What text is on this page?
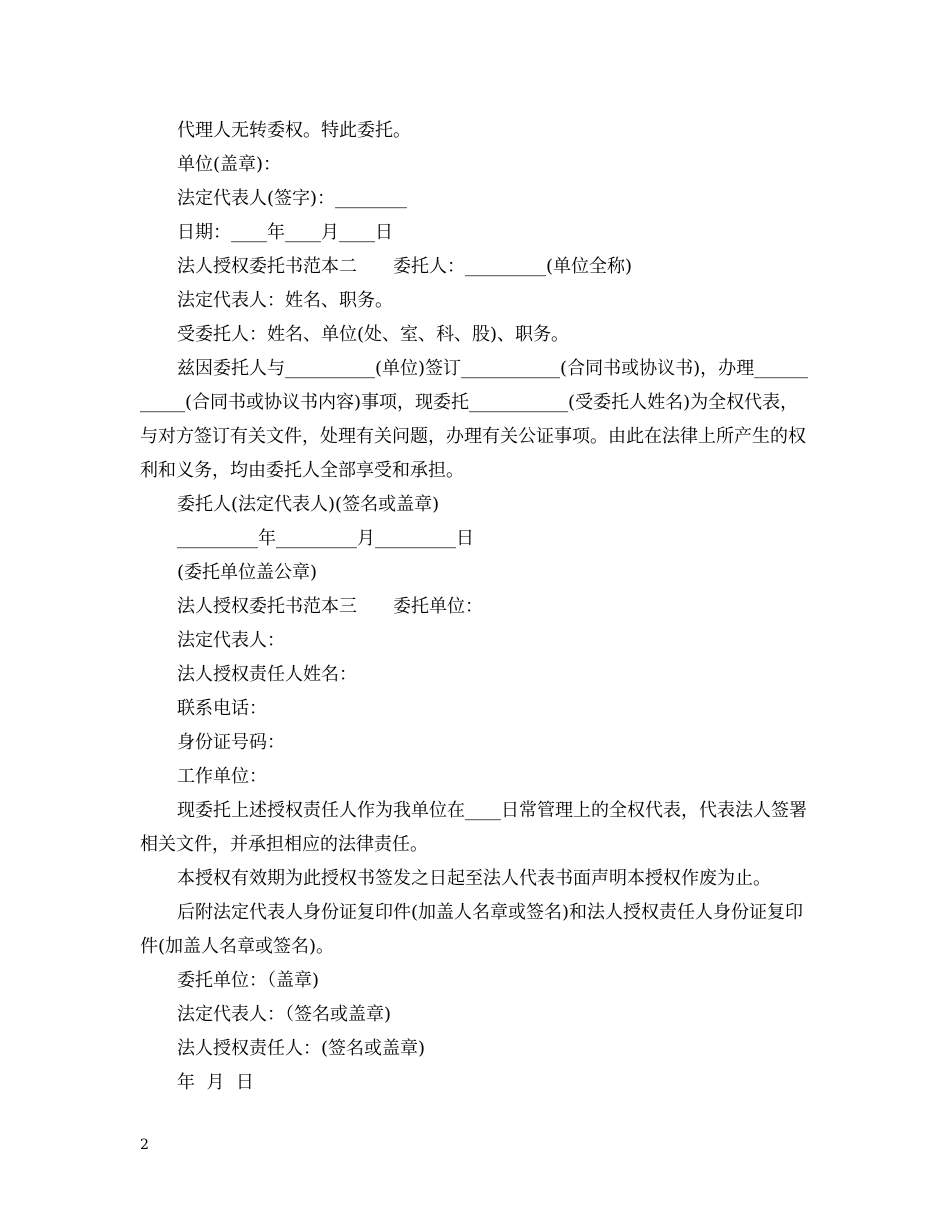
代理人无转委权。特此委托。

单位(盖章)：

法定代表人(签字)：________

日期：____年____月____日

法人授权委托书范本二　　委托人：_________(单位全称)

法定代表人：姓名、职务。

受委托人：姓名、单位(处、室、科、股)、职务。

兹因委托人与__________(单位)签订___________(合同书或协议书)，办理___________(合同书或协议书内容)事项，现委托___________(受委托人姓名)为全权代表，与对方签订有关文件，处理有关问题，办理有关公证事项。由此在法律上所产生的权利和义务，均由委托人全部享受和承担。

委托人(法定代表人)(签名或盖章)

_________年_________月_________日

(委托单位盖公章)

法人授权委托书范本三　　委托单位：

法定代表人：

法人授权责任人姓名：

联系电话：

身份证号码：

工作单位：

现委托上述授权责任人作为我单位在____日常管理上的全权代表，代表法人签署相关文件，并承担相应的法律责任。

本授权有效期为此授权书签发之日起至法人代表书面声明本授权作废为止。

后附法定代表人身份证复印件(加盖人名章或签名)和法人授权责任人身份证复印件(加盖人名章或签名)。

委托单位：（盖章)

法定代表人：（签名或盖章)

法人授权责任人：(签名或盖章)

年  月  日

2
